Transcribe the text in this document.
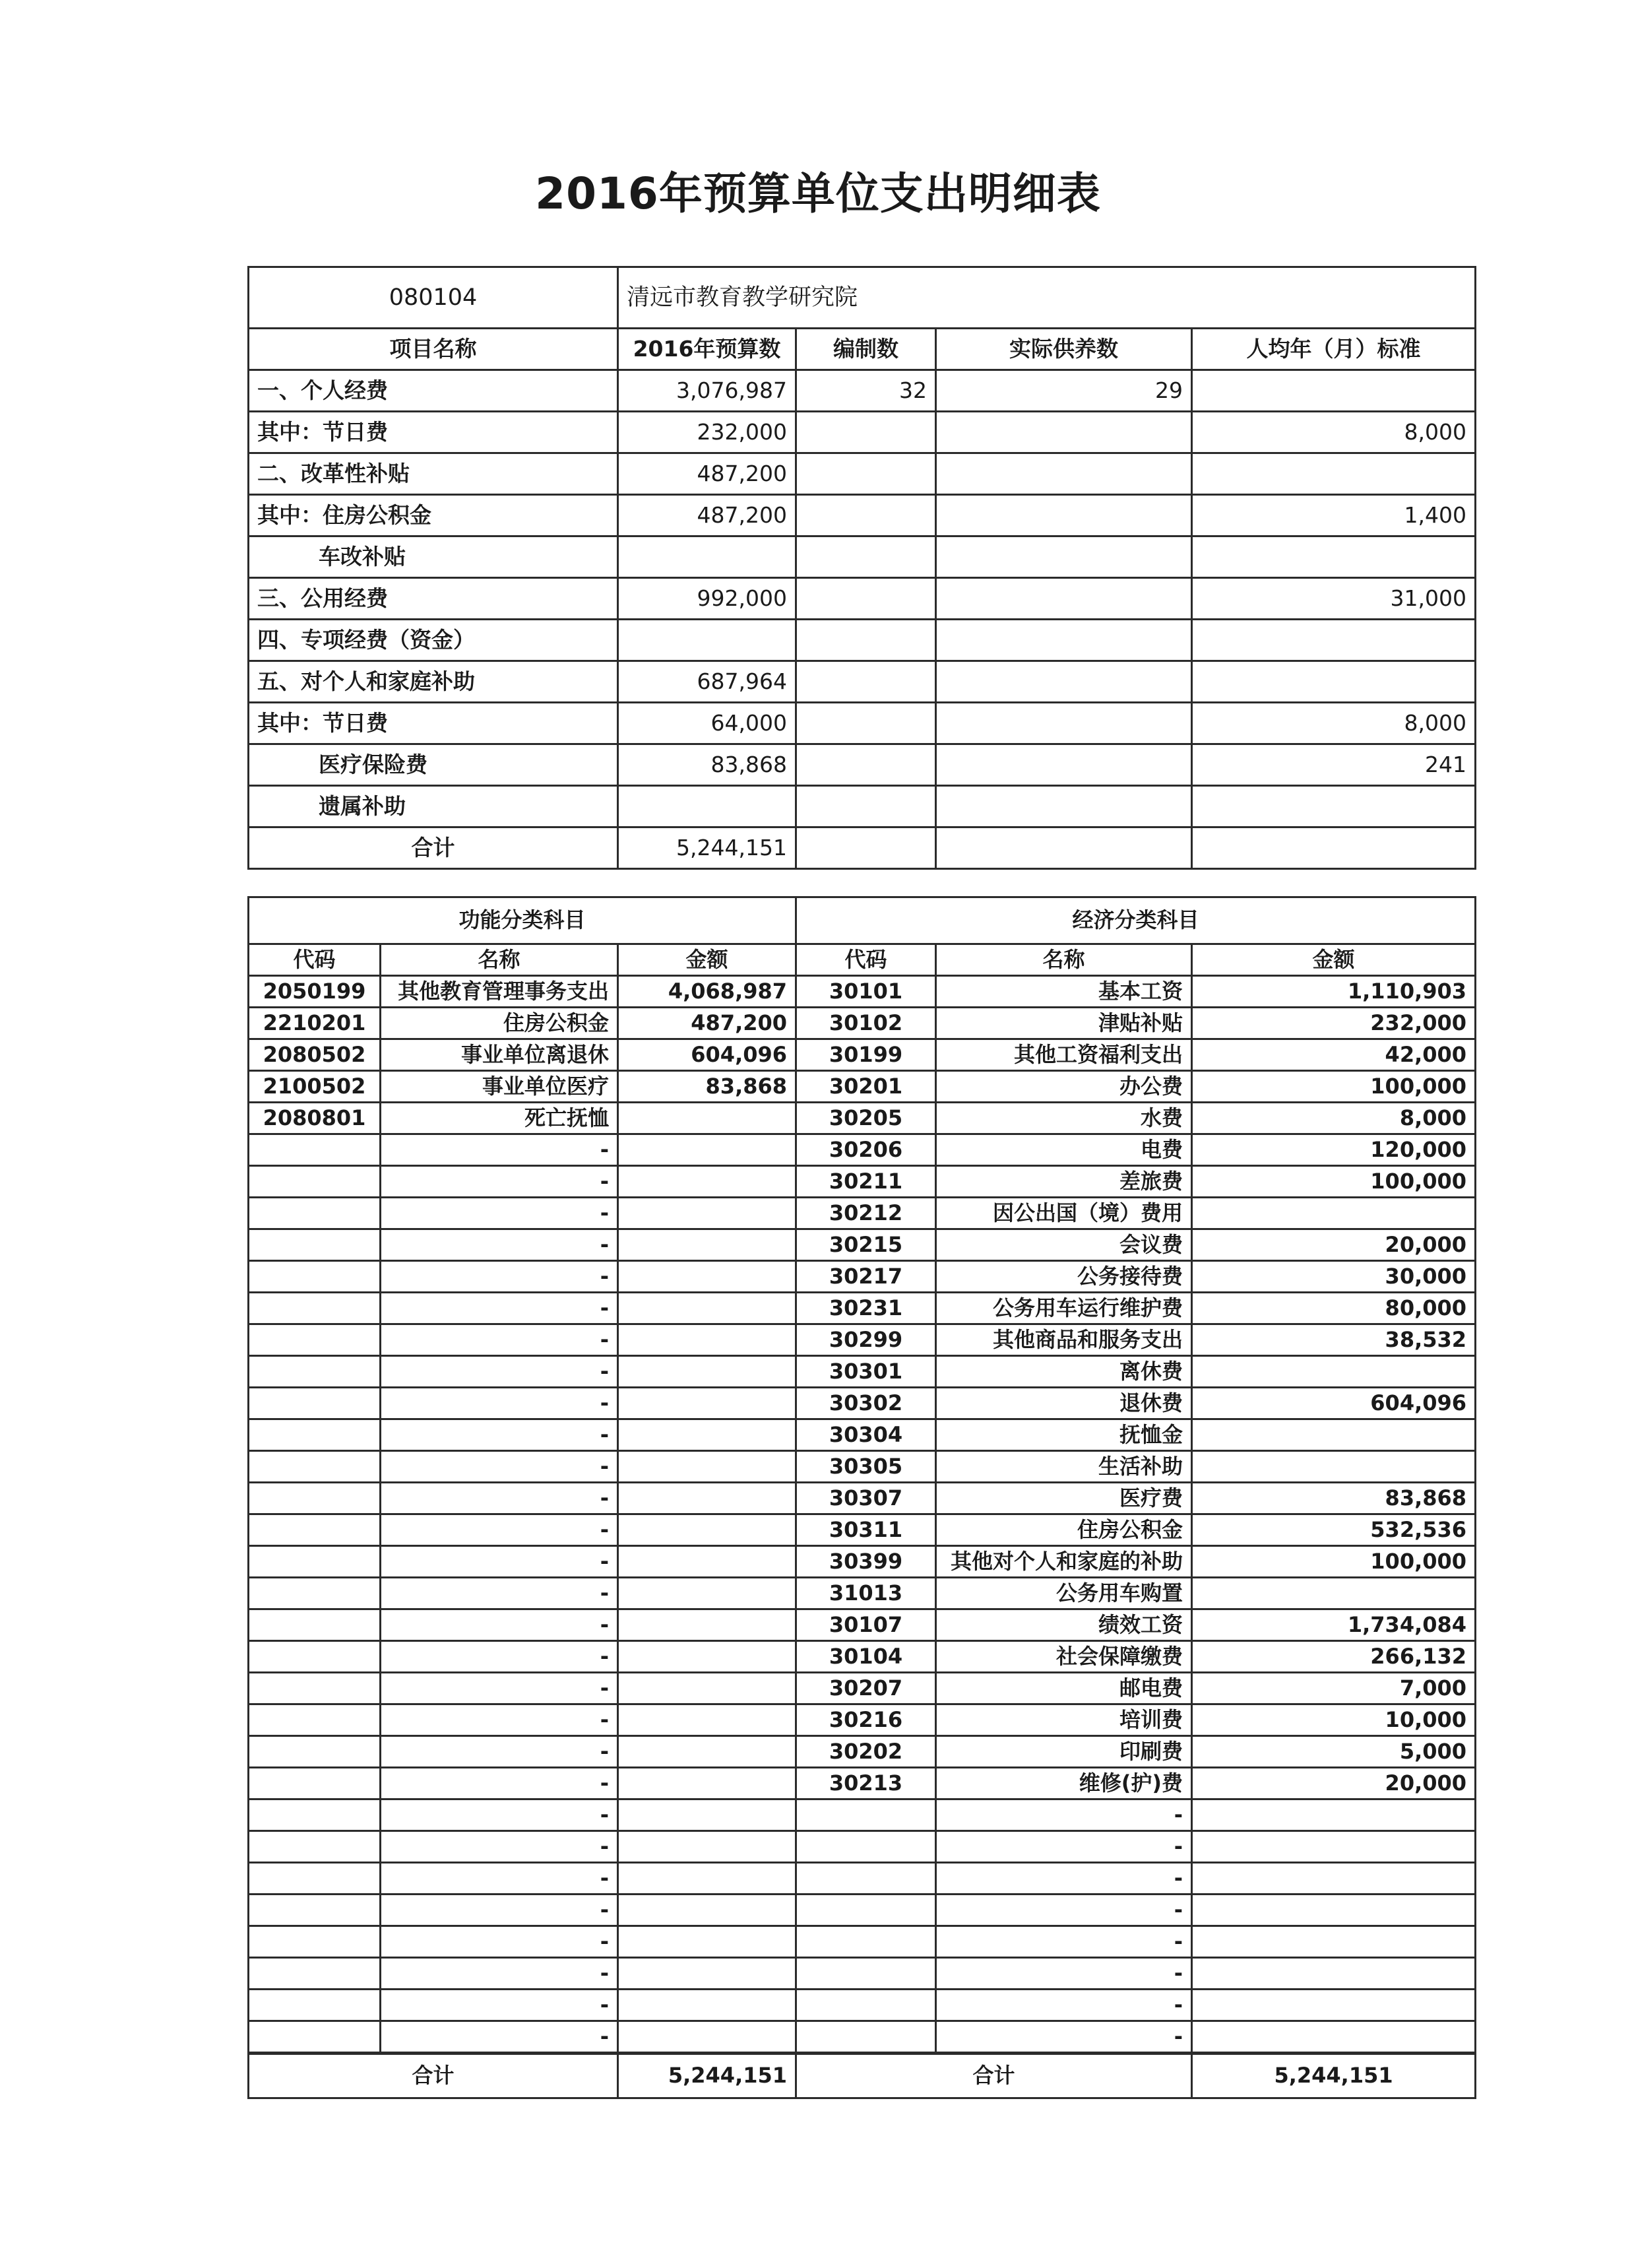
2016年预算单位支出明细表
080104	清远市教育教学研究院			
项目名称	2016年预算数	编制数	实际供养数	人均年（月）标准
一、个人经费	3,076,987	32	29	
其中：节日费	232,000			8,000
二、改革性补贴	487,200			
其中：住房公积金	487,200			1,400
车改补贴				
三、公用经费	992,000			31,000
四、专项经费（资金）				
五、对个人和家庭补助	687,964			
其中：节日费	64,000			8,000
医疗保险费	83,868			241
遗属补助				
合计	5,244,151			
功能分类科目			经济分类科目		
代码	名称	金额	代码	名称	金额
2050199	其他教育管理事务支出	4,068,987	30101	基本工资	1,110,903
2210201	住房公积金	487,200	30102	津贴补贴	232,000
2080502	事业单位离退休	604,096	30199	其他工资福利支出	42,000
2100502	事业单位医疗	83,868	30201	办公费	100,000
2080801	死亡抚恤		30205	水费	8,000
	-		30206	电费	120,000
	-		30211	差旅费	100,000
	-		30212	因公出国（境）费用	
	-		30215	会议费	20,000
	-		30217	公务接待费	30,000
	-		30231	公务用车运行维护费	80,000
	-		30299	其他商品和服务支出	38,532
	-		30301	离休费	
	-		30302	退休费	604,096
	-		30304	抚恤金	
	-		30305	生活补助	
	-		30307	医疗费	83,868
	-		30311	住房公积金	532,536
	-		30399	其他对个人和家庭的补助	100,000
	-		31013	公务用车购置	
	-		30107	绩效工资	1,734,084
	-		30104	社会保障缴费	266,132
	-		30207	邮电费	7,000
	-		30216	培训费	10,000
	-		30202	印刷费	5,000
	-		30213	维修(护)费	20,000
	-			-	
	-			-	
	-			-	
	-			-	
	-			-	
	-			-	
	-			-	
	-			-	
合计		5,244,151	合计		5,244,151
